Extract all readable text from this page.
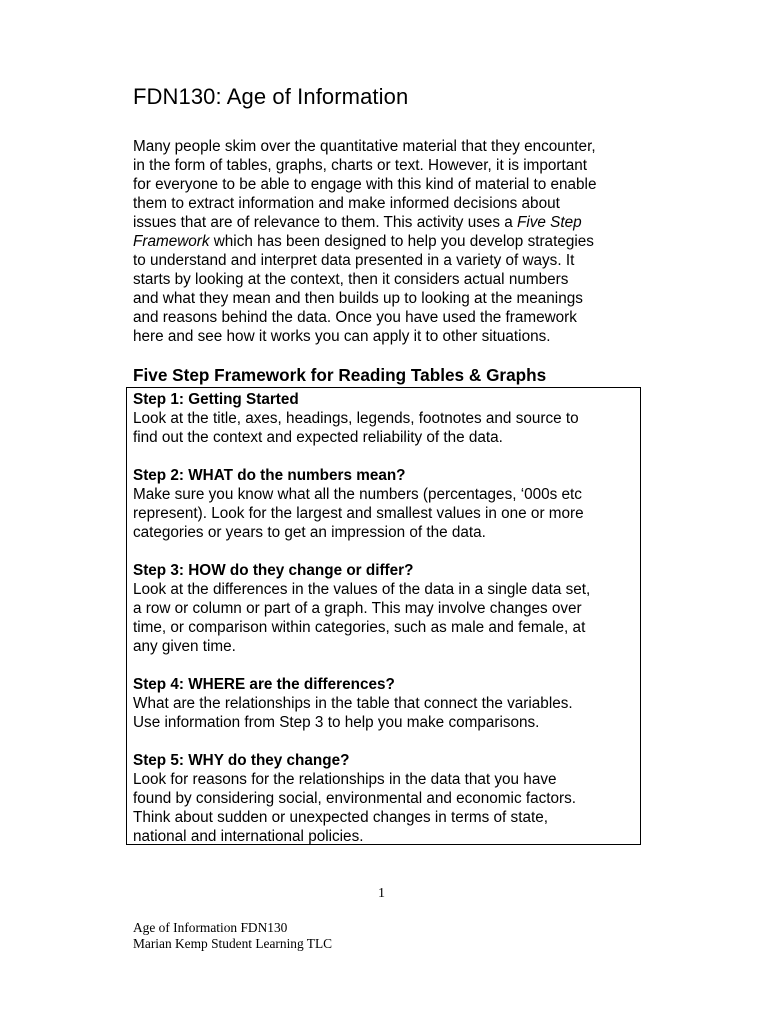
FDN130: Age of Information

Many people skim over the quantitative material that they encounter,
in the form of tables, graphs, charts or text. However, it is important
for everyone to be able to engage with this kind of material to enable
them to extract information and make informed decisions about
issues that are of relevance to them. This activity uses a Five Step
Framework which has been designed to help you develop strategies
to understand and interpret data presented in a variety of ways. It
starts by looking at the context, then it considers actual numbers
and what they mean and then builds up to looking at the meanings
and reasons behind the data. Once you have used the framework
here and see how it works you can apply it to other situations.

Five Step Framework for Reading Tables & Graphs
Step 1: Getting Started
Look at the title, axes, headings, legends, footnotes and source to
find out the context and expected reliability of the data.
Step 2: WHAT do the numbers mean?
Make sure you know what all the numbers (percentages, ‘000s etc
represent). Look for the largest and smallest values in one or more
categories or years to get an impression of the data.
Step 3: HOW do they change or differ?
Look at the differences in the values of the data in a single data set,
a row or column or part of a graph. This may involve changes over
time, or comparison within categories, such as male and female, at
any given time.
Step 4: WHERE are the differences?
What are the relationships in the table that connect the variables.
Use information from Step 3 to help you make comparisons.
Step 5: WHY do they change?
Look for reasons for the relationships in the data that you have
found by considering social, environmental and economic factors.
Think about sudden or unexpected changes in terms of state,
national and international policies.
1
Age of Information FDN130
Marian Kemp Student Learning TLC
